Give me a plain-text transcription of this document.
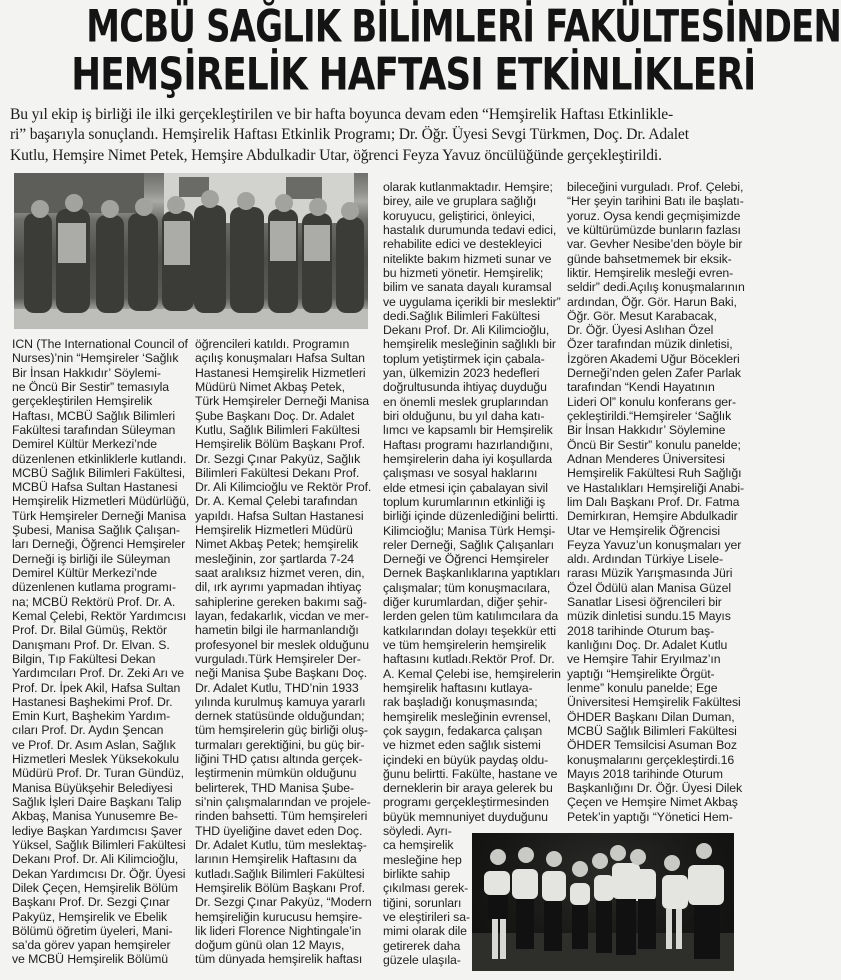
MCBÜ SAĞLIK BİLİMLERİ FAKÜLTESİNDEN
HEMŞİRELİK HAFTASI ETKİNLİKLERİ
Bu yıl ekip iş birliği ile ilki gerçekleştirilen ve bir hafta boyunca devam eden “Hemşirelik Haftası Etkinlikle-
ri” başarıyla sonuçlandı. Hemşirelik Haftası Etkinlik Programı; Dr. Öğr. Üyesi Sevgi Türkmen, Doç. Dr. Adalet
Kutlu, Hemşire Nimet Petek, Hemşire Abdulkadir Utar, öğrenci Feyza Yavuz öncülüğünde gerçekleştirildi.
ICN (The International Council of
Nurses)’nin “Hemşireler ‘Sağlık
Bir İnsan Hakkıdır’ Söylemi-
ne Öncü Bir Sestir” temasıyla
gerçekleştirilen Hemşirelik
Haftası, MCBÜ Sağlık Bilimleri
Fakültesi tarafından Süleyman
Demirel Kültür Merkezi’nde
düzenlenen etkinliklerle kutlandı.
MCBÜ Sağlık Bilimleri Fakültesi,
MCBÜ Hafsa Sultan Hastanesi
Hemşirelik Hizmetleri Müdürlüğü,
Türk Hemşireler Derneği Manisa
Şubesi, Manisa Sağlık Çalışan-
ları Derneği, Öğrenci Hemşireler
Derneği iş birliği ile Süleyman
Demirel Kültür Merkezi’nde
düzenlenen kutlama programı-
na; MCBÜ Rektörü Prof. Dr. A.
Kemal Çelebi, Rektör Yardımcısı
Prof. Dr. Bilal Gümüş, Rektör
Danışmanı Prof. Dr. Elvan. S.
Bilgin, Tıp Fakültesi Dekan
Yardımcıları Prof. Dr. Zeki Arı ve
Prof. Dr. İpek Akil, Hafsa Sultan
Hastanesi Başhekimi Prof. Dr.
Emin Kurt, Başhekim Yardım-
cıları Prof. Dr. Aydın Şencan
ve Prof. Dr. Asım Aslan, Sağlık
Hizmetleri Meslek Yüksekokulu
Müdürü Prof. Dr. Turan Gündüz,
Manisa Büyükşehir Belediyesi
Sağlık İşleri Daire Başkanı Talip
Akbaş, Manisa Yunusemre Be-
lediye Başkan Yardımcısı Şaver
Yüksel, Sağlık Bilimleri Fakültesi
Dekanı Prof. Dr. Ali Kilimcioğlu,
Dekan Yardımcısı Dr. Öğr. Üyesi
Dilek Çeçen, Hemşirelik Bölüm
Başkanı Prof. Dr. Sezgi Çınar
Pakyüz, Hemşirelik ve Ebelik
Bölümü öğretim üyeleri, Mani-
sa’da görev yapan hemşireler
ve MCBÜ Hemşirelik Bölümü
öğrencileri katıldı. Programın
açılış konuşmaları Hafsa Sultan
Hastanesi Hemşirelik Hizmetleri
Müdürü Nimet Akbaş Petek,
Türk Hemşireler Derneği Manisa
Şube Başkanı Doç. Dr. Adalet
Kutlu, Sağlık Bilimleri Fakültesi
Hemşirelik Bölüm Başkanı Prof.
Dr. Sezgi Çınar Pakyüz, Sağlık
Bilimleri Fakültesi Dekanı Prof.
Dr. Ali Kilimcioğlu ve Rektör Prof.
Dr. A. Kemal Çelebi tarafından
yapıldı. Hafsa Sultan Hastanesi
Hemşirelik Hizmetleri Müdürü
Nimet Akbaş Petek; hemşirelik
mesleğinin, zor şartlarda 7-24
saat aralıksız hizmet veren, din,
dil, ırk ayrımı yapmadan ihtiyaç
sahiplerine gereken bakımı sağ-
layan, fedakarlık, vicdan ve mer-
hametin bilgi ile harmanlandığı
profesyonel bir meslek olduğunu
vurguladı.Türk Hemşireler Der-
neği Manisa Şube Başkanı Doç.
Dr. Adalet Kutlu, THD’nin 1933
yılında kurulmuş kamuya yararlı
dernek statüsünde olduğundan;
tüm hemşirelerin güç birliği oluş-
turmaları gerektiğini, bu güç bir-
liğini THD çatısı altında gerçek-
leştirmenin mümkün olduğunu
belirterek, THD Manisa Şube-
si’nin çalışmalarından ve projele-
rinden bahsetti. Tüm hemşireleri
THD üyeliğine davet eden Doç.
Dr. Adalet Kutlu, tüm meslektaş-
larının Hemşirelik Haftasını da
kutladı.Sağlık Bilimleri Fakültesi
Hemşirelik Bölüm Başkanı Prof.
Dr. Sezgi Çınar Pakyüz, “Modern
hemşireliğin kurucusu hemşire-
lik lideri Florence Nightingale’in
doğum günü olan 12 Mayıs,
tüm dünyada hemşirelik haftası
olarak kutlanmaktadır. Hemşire;
birey, aile ve gruplara sağlığı
koruyucu, geliştirici, önleyici,
hastalık durumunda tedavi edici,
rehabilite edici ve destekleyici
nitelikte bakım hizmeti sunar ve
bu hizmeti yönetir. Hemşirelik;
bilim ve sanata dayalı kuramsal
ve uygulama içerikli bir meslektir”
dedi.Sağlık Bilimleri Fakültesi
Dekanı Prof. Dr. Ali Kilimcioğlu,
hemşirelik mesleğinin sağlıklı bir
toplum yetiştirmek için çabala-
yan, ülkemizin 2023 hedefleri
doğrultusunda ihtiyaç duyduğu
en önemli meslek gruplarından
biri olduğunu, bu yıl daha katı-
lımcı ve kapsamlı bir Hemşirelik
Haftası programı hazırlandığını,
hemşirelerin daha iyi koşullarda
çalışması ve sosyal haklarını
elde etmesi için çabalayan sivil
toplum kurumlarının etkinliği iş
birliği içinde düzenlediğini belirtti.
Kilimcioğlu; Manisa Türk Hemşi-
reler Derneği, Sağlık Çalışanları
Derneği ve Öğrenci Hemşireler
Dernek Başkanlıklarına yaptıkları
çalışmalar; tüm konuşmacılara,
diğer kurumlardan, diğer şehir-
lerden gelen tüm katılımcılara da
katkılarından dolayı teşekkür etti
ve tüm hemşirelerin hemşirelik
haftasını kutladı.Rektör Prof. Dr.
A. Kemal Çelebi ise, hemşirelerin
hemşirelik haftasını kutlaya-
rak başladığı konuşmasında;
hemşirelik mesleğinin evrensel,
çok saygın, fedakarca çalışan
ve hizmet eden sağlık sistemi
içindeki en büyük paydaş oldu-
ğunu belirtti. Fakülte, hastane ve
derneklerin bir araya gelerek bu
programı gerçekleştirmesinden
büyük memnuniyet duyduğunu
söyledi. Ayrı-
ca hemşirelik
mesleğine hep
birlikte sahip
çıkılması gerek-
tiğini, sorunları
ve eleştirileri sa-
mimi olarak dile
getirerek daha
güzele ulaşıla-
bileceğini vurguladı. Prof. Çelebi,
“Her şeyin tarihini Batı ile başlatı-
yoruz. Oysa kendi geçmişimizde
ve kültürümüzde bunların fazlası
var. Gevher Nesibe’den böyle bir
günde bahsetmemek bir eksik-
liktir. Hemşirelik mesleği evren-
seldir” dedi.Açılış konuşmalarının
ardından, Öğr. Gör. Harun Baki,
Öğr. Gör. Mesut Karabacak,
Dr. Öğr. Üyesi Aslıhan Özel
Özer tarafından müzik dinletisi,
İzgören Akademi Uğur Böcekleri
Derneği’nden gelen Zafer Parlak
tarafından “Kendi Hayatının
Lideri Ol” konulu konferans ger-
çekleştirildi.“Hemşireler ‘Sağlık
Bir İnsan Hakkıdır’ Söylemine
Öncü Bir Sestir” konulu panelde;
Adnan Menderes Üniversitesi
Hemşirelik Fakültesi Ruh Sağlığı
ve Hastalıkları Hemşireliği Anabi-
lim Dalı Başkanı Prof. Dr. Fatma
Demirkıran, Hemşire Abdulkadir
Utar ve Hemşirelik Öğrencisi
Feyza Yavuz’un konuşmaları yer
aldı. Ardından Türkiye Lisele-
rarası Müzik Yarışmasında Jüri
Özel Ödülü alan Manisa Güzel
Sanatlar Lisesi öğrencileri bir
müzik dinletisi sundu.15 Mayıs
2018 tarihinde Oturum baş-
kanlığını Doç. Dr. Adalet Kutlu
ve Hemşire Tahir Eryılmaz’ın
yaptığı “Hemşirelikte Örgüt-
lenme” konulu panelde; Ege
Üniversitesi Hemşirelik Fakültesi
ÖHDER Başkanı Dilan Duman,
MCBÜ Sağlık Bilimleri Fakültesi
ÖHDER Temsilcisi Asuman Boz
konuşmalarını gerçekleştirdi.16
Mayıs 2018 tarihinde Oturum
Başkanlığını Dr. Öğr. Üyesi Dilek
Çeçen ve Hemşire Nimet Akbaş
Petek’in yaptığı “Yönetici Hem-
